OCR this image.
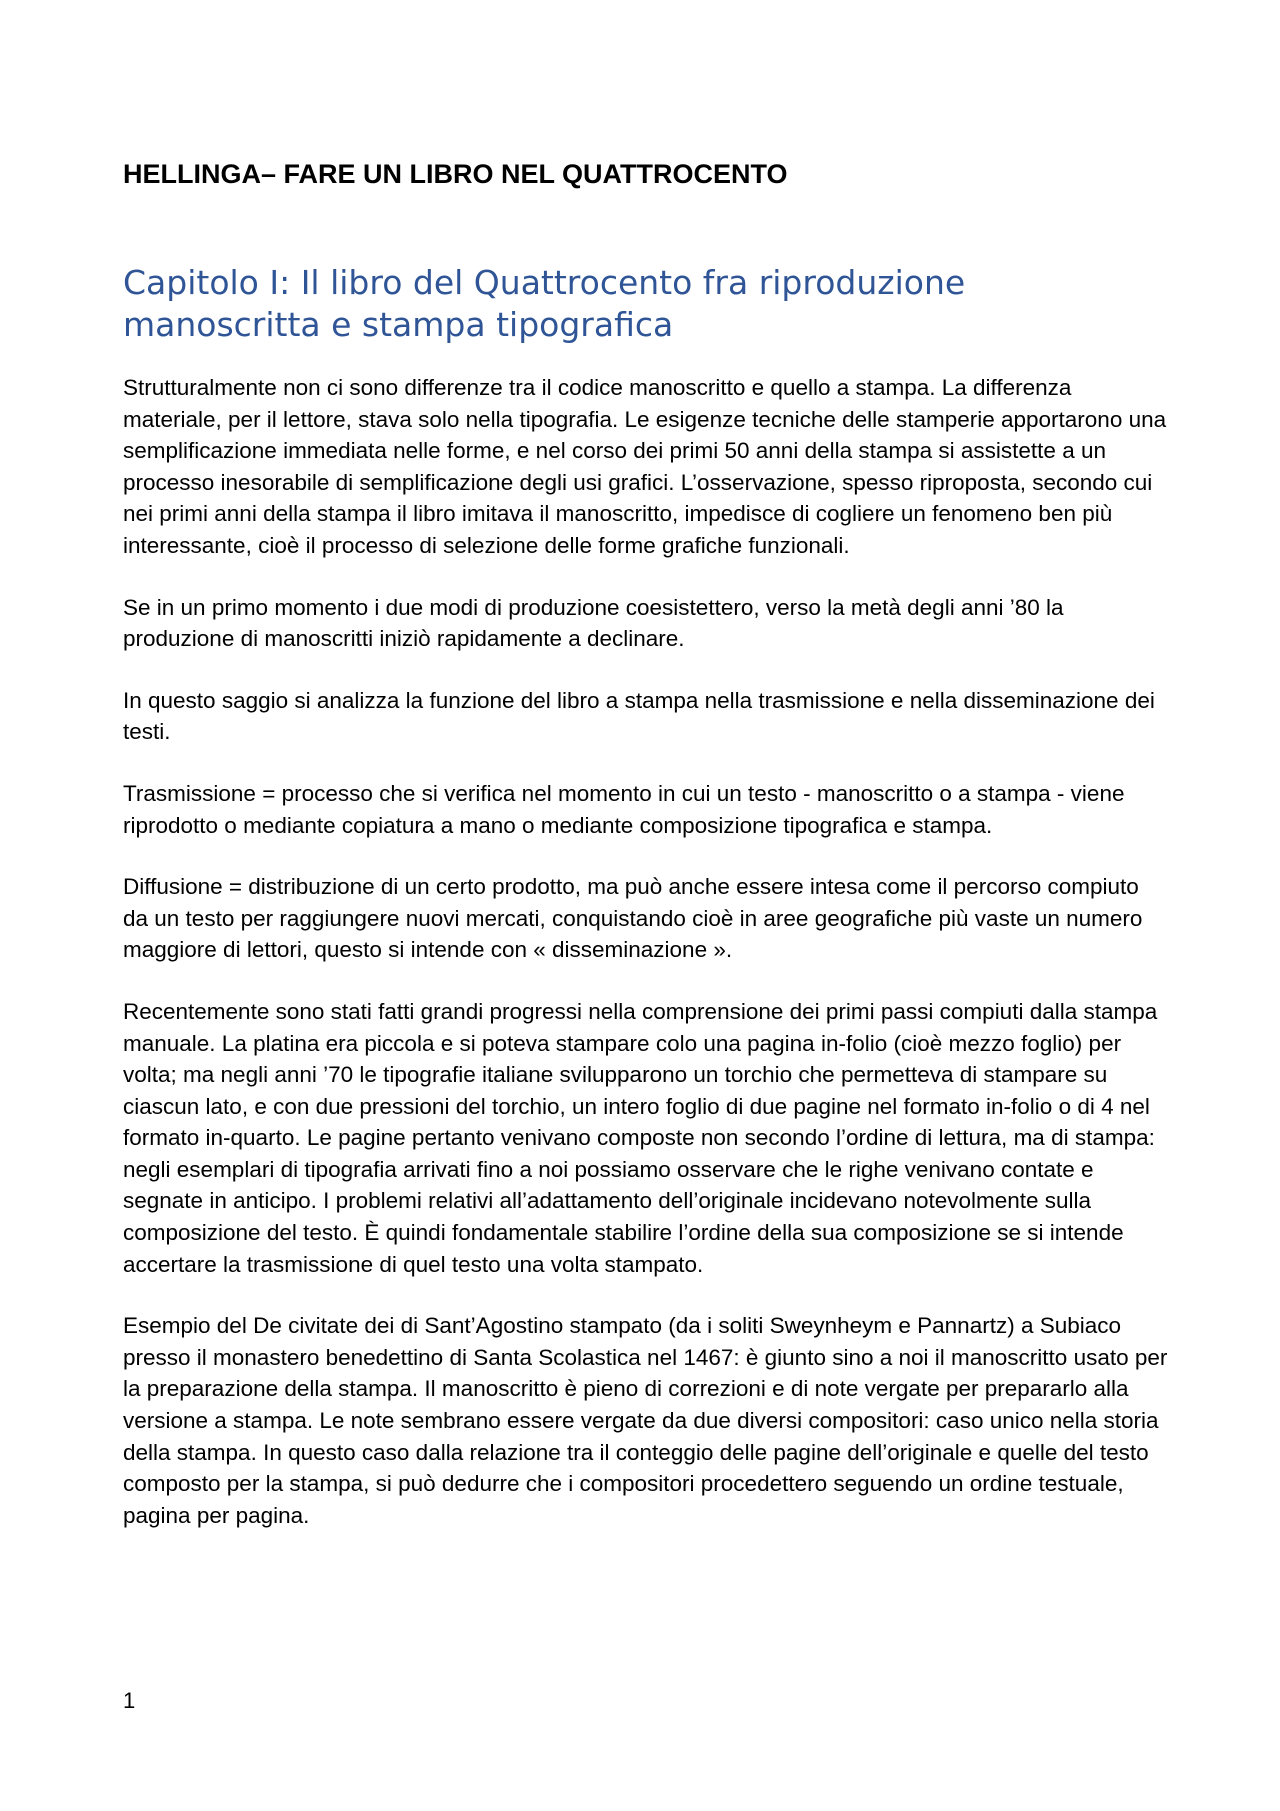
HELLINGA– FARE UN LIBRO NEL QUATTROCENTO
Capitolo I: Il libro del Quattrocento fra riproduzione manoscritta e stampa tipografica

Strutturalmente non ci sono differenze tra il codice manoscritto e quello a stampa. La differenza materiale, per il lettore, stava solo nella tipografia. Le esigenze tecniche delle stamperie apportarono una semplificazione immediata nelle forme, e nel corso dei primi 50 anni della stampa si assistette a un processo inesorabile di semplificazione degli usi grafici. L’osservazione, spesso riproposta, secondo cui nei primi anni della stampa il libro imitava il manoscritto, impedisce di cogliere un fenomeno ben più interessante, cioè il processo di selezione delle forme grafiche funzionali.

Se in un primo momento i due modi di produzione coesistettero, verso la metà degli anni ’80 la produzione di manoscritti iniziò rapidamente a declinare.

In questo saggio si analizza la funzione del libro a stampa nella trasmissione e nella disseminazione dei testi.

Trasmissione = processo che si verifica nel momento in cui un testo - manoscritto o a stampa - viene riprodotto o mediante copiatura a mano o mediante composizione tipografica e stampa.

Diffusione = distribuzione di un certo prodotto, ma può anche essere intesa come il percorso compiuto da un testo per raggiungere nuovi mercati, conquistando cioè in aree geografiche più vaste un numero maggiore di lettori, questo si intende con « disseminazione ».

Recentemente sono stati fatti grandi progressi nella comprensione dei primi passi compiuti dalla stampa manuale. La platina era piccola e si poteva stampare colo una pagina in-folio (cioè mezzo foglio) per volta; ma negli anni ’70 le tipografie italiane svilupparono un torchio che permetteva di stampare su ciascun lato, e con due pressioni del torchio, un intero foglio di due pagine nel formato in-folio o di 4 nel formato in-quarto. Le pagine pertanto venivano composte non secondo l’ordine di lettura, ma di stampa: negli esemplari di tipografia arrivati fino a noi possiamo osservare che le righe venivano contate e segnate in anticipo. I problemi relativi all’adattamento dell’originale incidevano notevolmente sulla composizione del testo. È quindi fondamentale stabilire l’ordine della sua composizione se si intende accertare la trasmissione di quel testo una volta stampato.

Esempio del De civitate dei di Sant’Agostino stampato (da i soliti Sweynheym e Pannartz) a Subiaco presso il monastero benedettino di Santa Scolastica nel 1467: è giunto sino a noi il manoscritto usato per la preparazione della stampa. Il manoscritto è pieno di correzioni e di note vergate per prepararlo alla versione a stampa. Le note sembrano essere vergate da due diversi compositori: caso unico nella storia della stampa. In questo caso dalla relazione tra il conteggio delle pagine dell’originale e quelle del testo composto per la stampa, si può dedurre che i compositori procedettero seguendo un ordine testuale, pagina per pagina.

1
